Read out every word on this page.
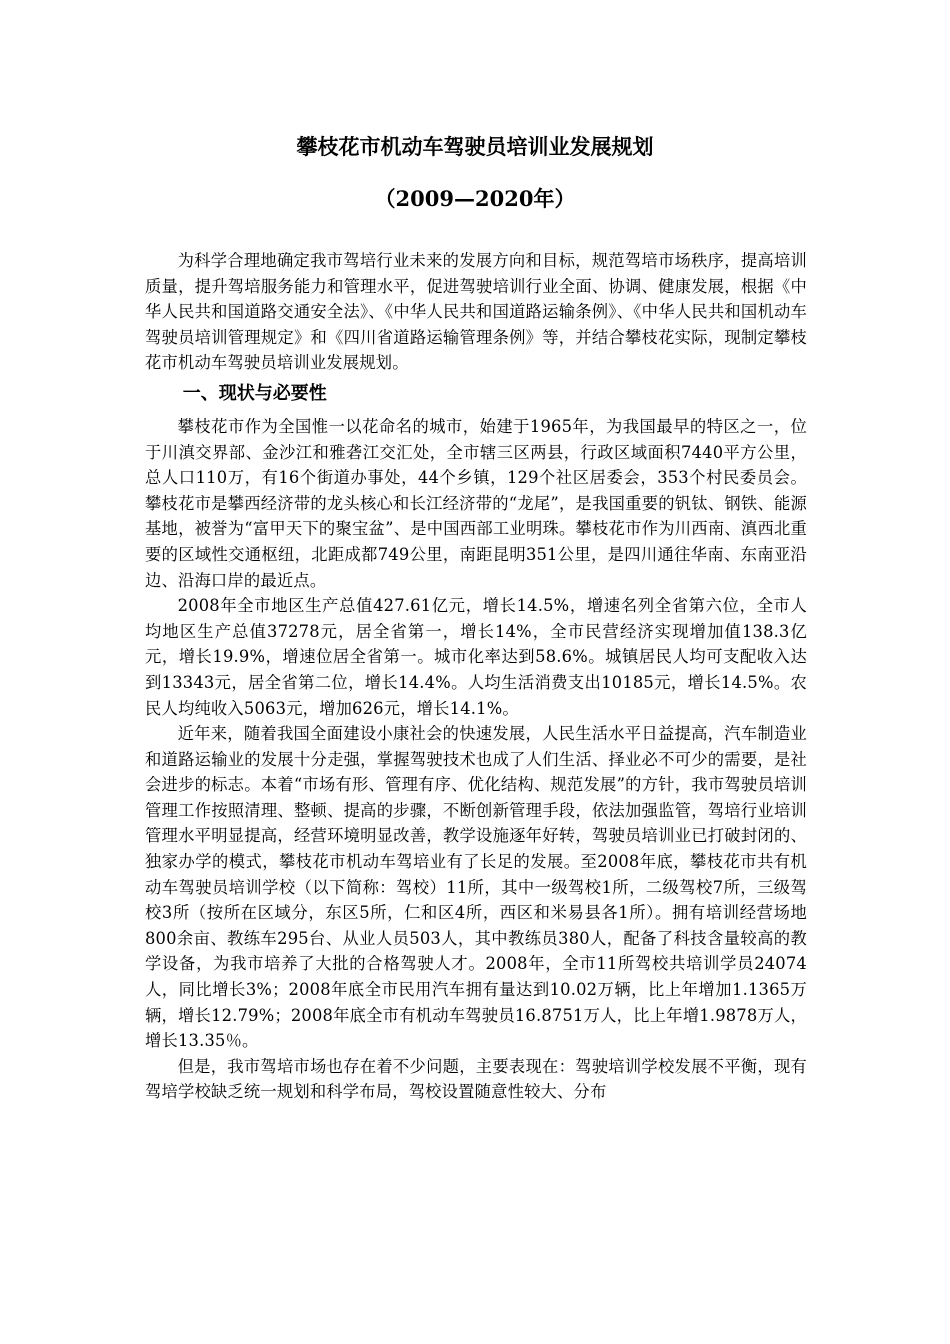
攀枝花市机动车驾驶员培训业发展规划
（2009—2020年）

为科学合理地确定我市驾培行业未来的发展方向和目标，规范驾培市场秩序，提高培训质量，提升驾培服务能力和管理水平，促进驾驶培训行业全面、协调、健康发展，根据《中华人民共和国道路交通安全法》、《中华人民共和国道路运输条例》、《中华人民共和国机动车驾驶员培训管理规定》和《四川省道路运输管理条例》等，并结合攀枝花实际，现制定攀枝花市机动车驾驶员培训业发展规划。

一、现状与必要性

攀枝花市作为全国惟一以花命名的城市，始建于1965年，为我国最早的特区之一，位于川滇交界部、金沙江和雅砻江交汇处，全市辖三区两县，行政区域面积7440平方公里，总人口110万，有16个街道办事处，44个乡镇，129个社区居委会，353个村民委员会。攀枝花市是攀西经济带的龙头核心和长江经济带的“龙尾”，是我国重要的钒钛、钢铁、能源基地，被誉为“富甲天下的聚宝盆”、是中国西部工业明珠。攀枝花市作为川西南、滇西北重要的区域性交通枢纽，北距成都749公里，南距昆明351公里，是四川通往华南、东南亚沿边、沿海口岸的最近点。

2008年全市地区生产总值427.61亿元，增长14.5%，增速名列全省第六位，全市人均地区生产总值37278元，居全省第一，增长14%，全市民营经济实现增加值138.3亿元，增长19.9%，增速位居全省第一。城市化率达到58.6%。城镇居民人均可支配收入达到13343元，居全省第二位，增长14.4%。人均生活消费支出10185元，增长14.5%。农民人均纯收入5063元，增加626元，增长14.1%。

近年来，随着我国全面建设小康社会的快速发展，人民生活水平日益提高，汽车制造业和道路运输业的发展十分走强，掌握驾驶技术也成了人们生活、择业必不可少的需要，是社会进步的标志。本着“市场有形、管理有序、优化结构、规范发展”的方针，我市驾驶员培训管理工作按照清理、整顿、提高的步骤，不断创新管理手段，依法加强监管，驾培行业培训管理水平明显提高，经营环境明显改善，教学设施逐年好转，驾驶员培训业已打破封闭的、独家办学的模式，攀枝花市机动车驾培业有了长足的发展。至2008年底，攀枝花市共有机动车驾驶员培训学校（以下简称：驾校）11所，其中一级驾校1所，二级驾校7所，三级驾校3所（按所在区域分，东区5所，仁和区4所，西区和米易县各1所）。拥有培训经营场地800余亩、教练车295台、从业人员503人，其中教练员380人，配备了科技含量较高的教学设备，为我市培养了大批的合格驾驶人才。2008年，全市11所驾校共培训学员24074人，同比增长3%；2008年底全市民用汽车拥有量达到10.02万辆，比上年增加1.1365万辆，增长12.79%；2008年底全市有机动车驾驶员16.8751万人，比上年增1.9878万人，增长13.35％。

但是，我市驾培市场也存在着不少问题，主要表现在：驾驶培训学校发展不平衡，现有驾培学校缺乏统一规划和科学布局，驾校设置随意性较大、分布
